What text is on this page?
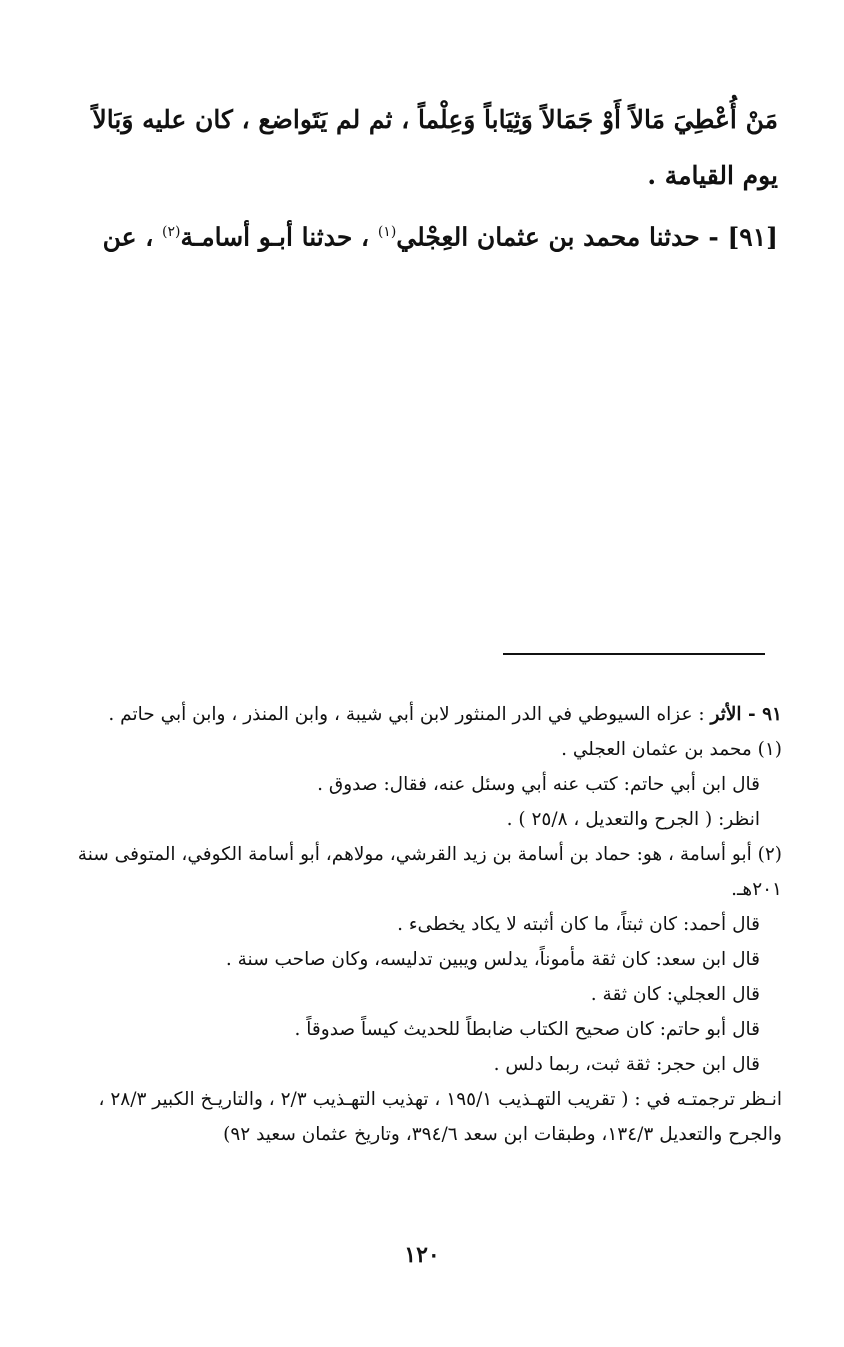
مَنْ أُعْطِيَ مَالاً أَوْ جَمَالاً وَثِيَاباً وَعِلْماً ، ثم لم يَتَواضع ، كان عليه وَبَالاً يوم القيامة .

[٩١] - حدثنا محمد بن عثمان العِجْلي$^{(١)}$ ، حدثنا أبـو أسامـة$^{(٢)}$ ، عن

٩١ - الأثر : عزاه السيوطي في الدر المنثور لابن أبي شيبة ، وابن المنذر ، وابن أبي حاتم .

(١) محمد بن عثمان العجلي .

قال ابن أبي حاتم: كتب عنه أبي وسئل عنه، فقال: صدوق .

انظر: ( الجرح والتعديل ، ٢٥/٨ ) .

(٢) أبو أسامة ، هو: حماد بن أسامة بن زيد القرشي، مولاهم، أبو أسامة الكوفي، المتوفى سنة ٢٠١هـ.

قال أحمد: كان ثبتاً، ما كان أثبته لا يكاد يخطىء .

قال ابن سعد: كان ثقة مأموناً، يدلس ويبين تدليسه، وكان صاحب سنة .

قال العجلي: كان ثقة .

قال أبو حاتم: كان صحيح الكتاب ضابطاً للحديث كيساً صدوقاً .

قال ابن حجر: ثقة ثبت، ربما دلس .

انـظر ترجمتـه في : ( تقريب التهـذيب ١٩٥/١ ، تهذيب التهـذيب ٢/٣ ، والتاريـخ الكبير ٢٨/٣ ، والجرح والتعديل ١٣٤/٣، وطبقات ابن سعد ٣٩٤/٦، وتاريخ عثمان سعيد ٩٢)

١٢٠
